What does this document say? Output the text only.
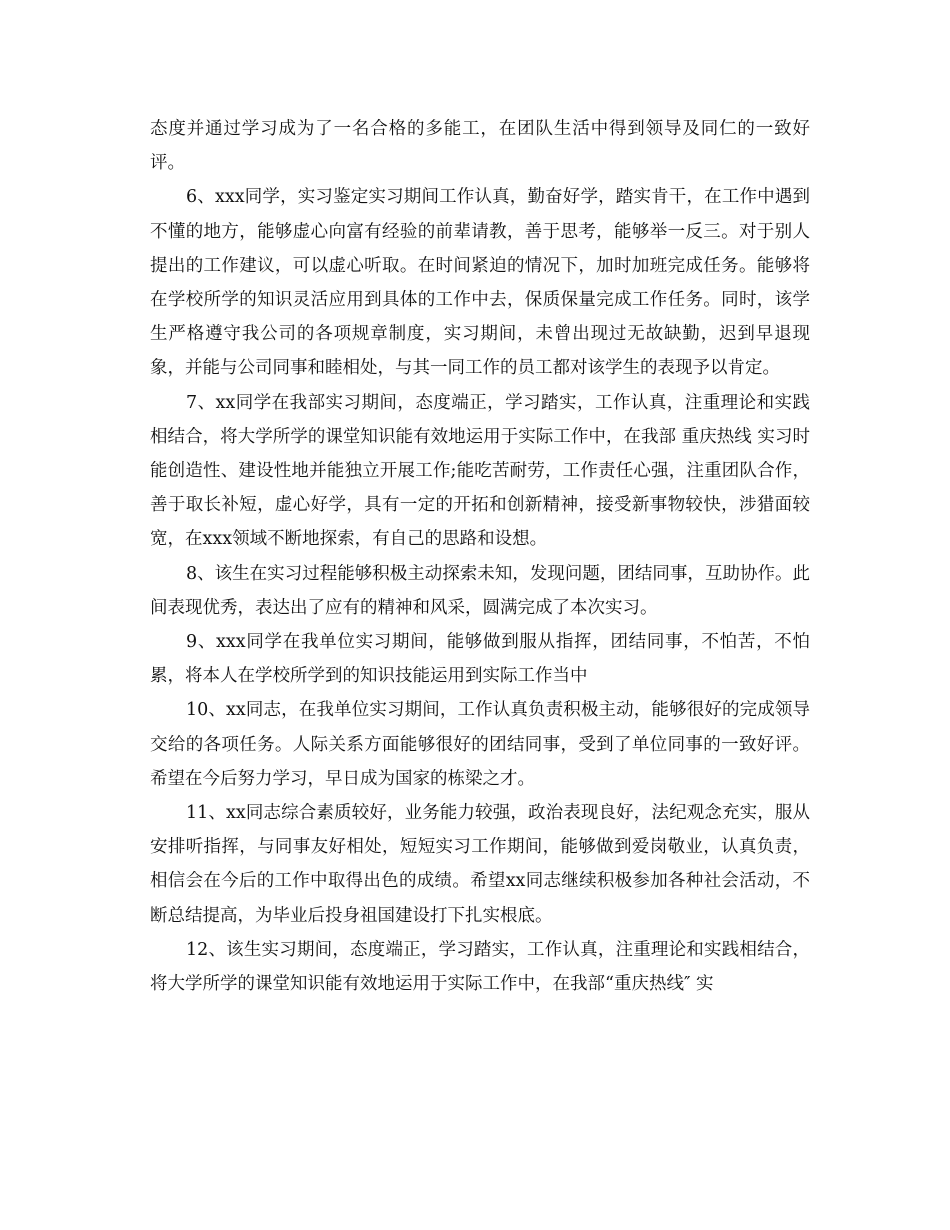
态度并通过学习成为了一名合格的多能工，在团队生活中得到领导及同仁的一致好评。

6、xxx同学，实习鉴定实习期间工作认真，勤奋好学，踏实肯干，在工作中遇到不懂的地方，能够虚心向富有经验的前辈请教，善于思考，能够举一反三。对于别人提出的工作建议，可以虚心听取。在时间紧迫的情况下，加时加班完成任务。能够将在学校所学的知识灵活应用到具体的工作中去，保质保量完成工作任务。同时，该学生严格遵守我公司的各项规章制度，实习期间，未曾出现过无故缺勤，迟到早退现象，并能与公司同事和睦相处，与其一同工作的员工都对该学生的表现予以肯定。

7、xx同学在我部实习期间，态度端正，学习踏实，工作认真，注重理论和实践相结合，将大学所学的课堂知识能有效地运用于实际工作中，在我部 重庆热线 实习时能创造性、建设性地并能独立开展工作;能吃苦耐劳，工作责任心强，注重团队合作，善于取长补短，虚心好学，具有一定的开拓和创新精神，接受新事物较快，涉猎面较宽，在xxx领域不断地探索，有自己的思路和设想。

8、该生在实习过程能够积极主动探索未知，发现问题，团结同事，互助协作。此间表现优秀，表达出了应有的精神和风采，圆满完成了本次实习。

9、xxx同学在我单位实习期间，能够做到服从指挥，团结同事，不怕苦，不怕累，将本人在学校所学到的知识技能运用到实际工作当中

10、xx同志，在我单位实习期间，工作认真负责积极主动，能够很好的完成领导交给的各项任务。人际关系方面能够很好的团结同事，受到了单位同事的一致好评。希望在今后努力学习，早日成为国家的栋梁之才。

11、xx同志综合素质较好，业务能力较强，政治表现良好，法纪观念充实，服从安排听指挥，与同事友好相处，短短实习工作期间，能够做到爱岗敬业，认真负责，相信会在今后的工作中取得出色的成绩。希望xx同志继续积极参加各种社会活动，不断总结提高，为毕业后投身祖国建设打下扎实根底。

12、该生实习期间，态度端正，学习踏实，工作认真，注重理论和实践相结合，将大学所学的课堂知识能有效地运用于实际工作中，在我部“重庆热线″ 实
